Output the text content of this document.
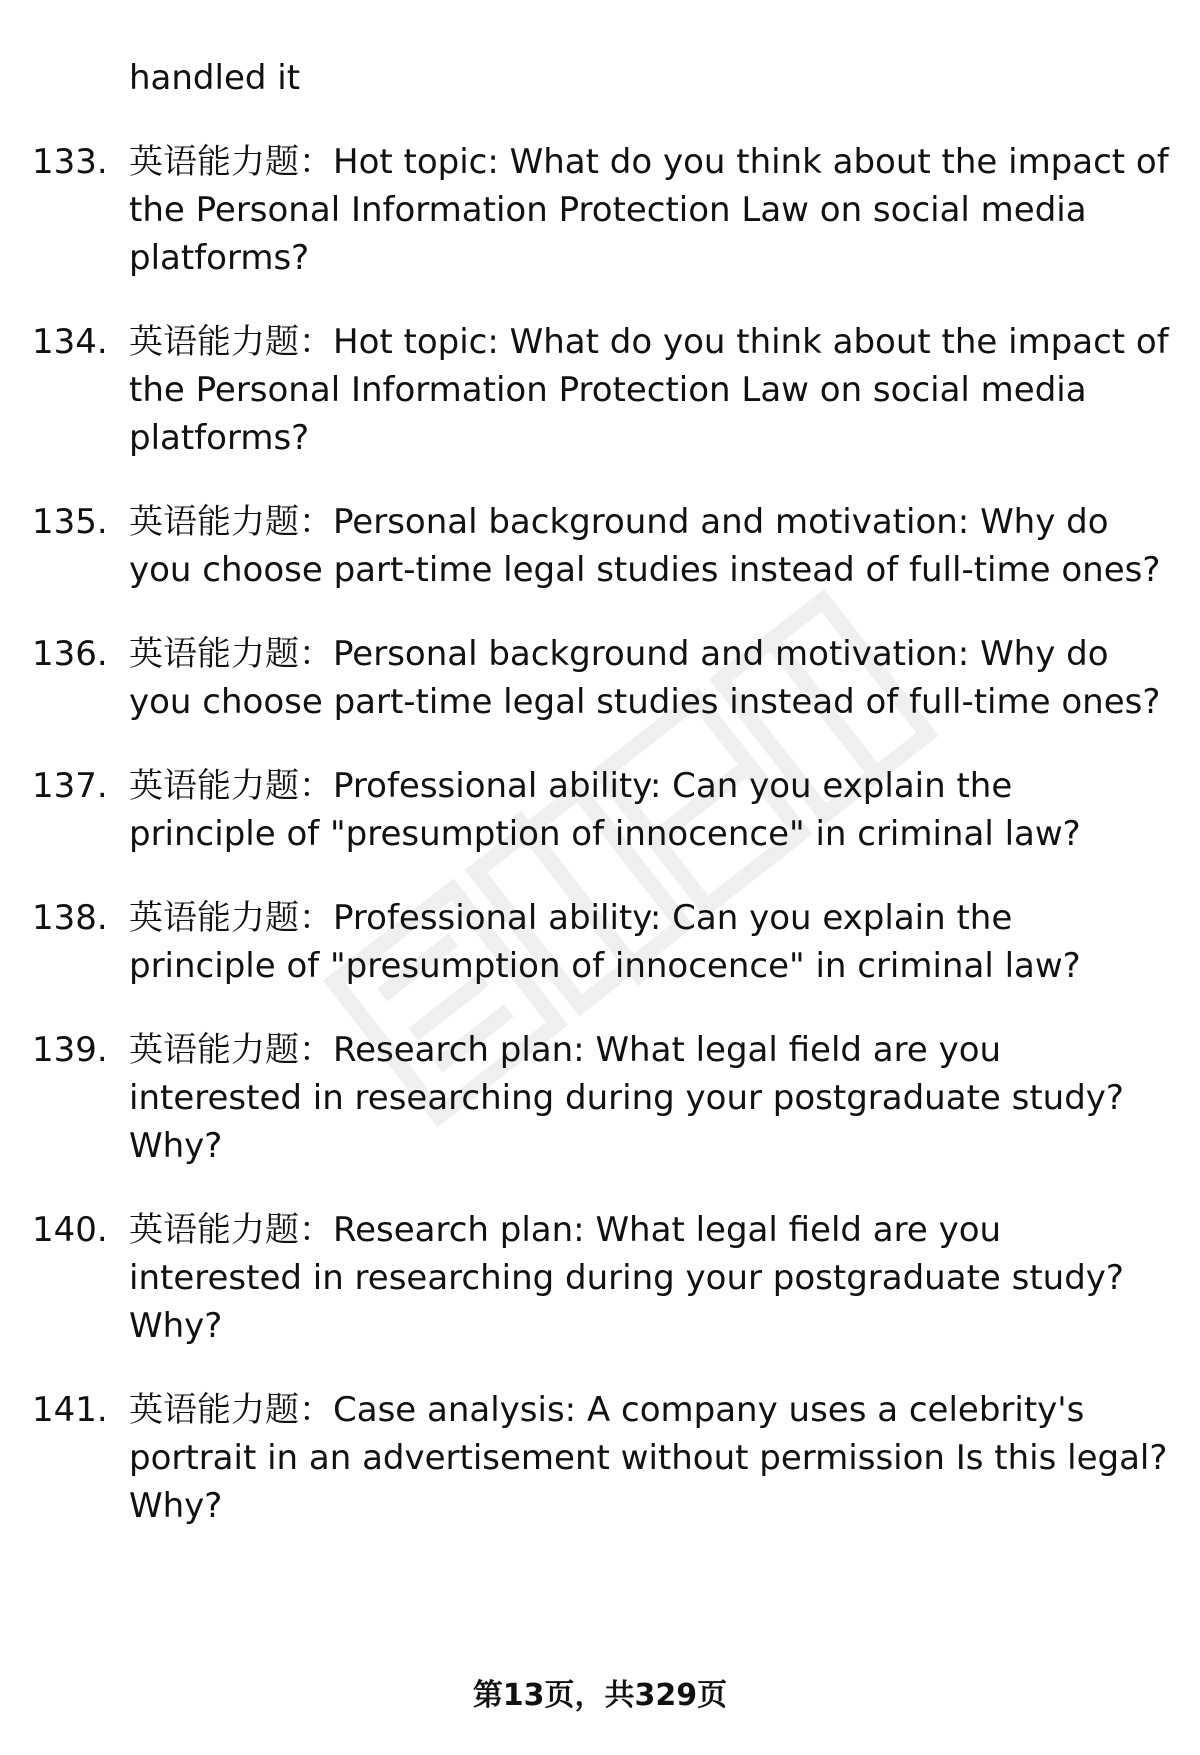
handled it
133. 英语能力题：Hot topic: What do you think about the impact of the Personal Information Protection Law on social media platforms?
134. 英语能力题：Hot topic: What do you think about the impact of the Personal Information Protection Law on social media platforms?
135. 英语能力题：Personal background and motivation: Why do you choose part-time legal studies instead of full-time ones?
136. 英语能力题：Personal background and motivation: Why do you choose part-time legal studies instead of full-time ones?
137. 英语能力题：Professional ability: Can you explain the principle of "presumption of innocence" in criminal law?
138. 英语能力题：Professional ability: Can you explain the principle of "presumption of innocence" in criminal law?
139. 英语能力题：Research plan: What legal field are you interested in researching during your postgraduate study? Why?
140. 英语能力题：Research plan: What legal field are you interested in researching during your postgraduate study? Why?
141. 英语能力题：Case analysis: A company uses a celebrity's portrait in an advertisement without permission Is this legal? Why?
第13页，共329页
